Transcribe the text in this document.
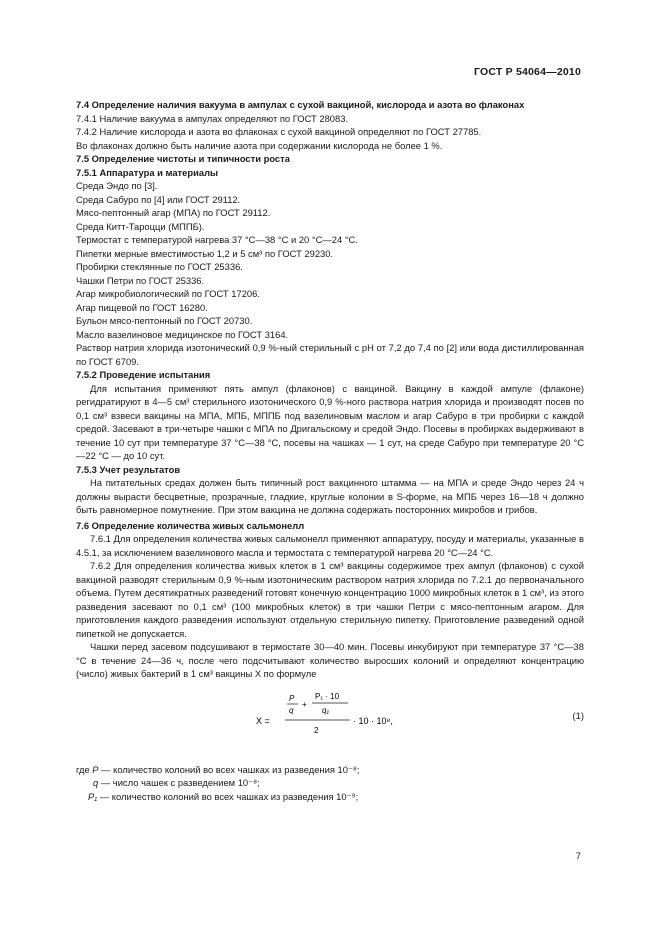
ГОСТ Р 54064—2010

7.4 Определение наличия вакуума в ампулах с сухой вакциной, кислорода и азота во флаконах

7.4.1 Наличие вакуума в ампулах определяют по ГОСТ 28083.

7.4.2 Наличие кислорода и азота во флаконах с сухой вакциной определяют по ГОСТ 27785.

Во флаконах должно быть наличие азота при содержании кислорода не более 1 %.

7.5 Определение чистоты и типичности роста

7.5.1 Аппаратура и материалы

Среда Эндо по [3].

Среда Сабуро по [4] или ГОСТ 29112.

Мясо-пептонный агар (МПА) по ГОСТ 29112.

Среда Китт-Тароцци (МППБ).

Термостат с температурой нагрева 37 °С—38 °С и 20 °С—24 °С.

Пипетки мерные вместимостью 1,2 и 5 см³ по ГОСТ 29230.

Пробирки стеклянные по ГОСТ 25336.

Чашки Петри по ГОСТ 25336.

Агар микробиологический по ГОСТ 17206.

Агар пищевой по ГОСТ 16280.

Бульон мясо-пептонный по ГОСТ 20730.

Масло вазелиновое медицинское по ГОСТ 3164.

Раствор натрия хлорида изотонический 0,9 %-ный стерильный с рН от 7,2 до 7,4 по [2] или вода дистиллированная по ГОСТ 6709.

7.5.2 Проведение испытания

Для испытания применяют пять ампул (флаконов) с вакциной. Вакцину в каждой ампуле (флаконе) регидратируют в 4—5 см³ стерильного изотонического 0,9 %-ного раствора натрия хлорида и производят посев по 0,1 см³ взвеси вакцины на МПА, МПБ, МППБ под вазелиновым маслом и агар Сабуро в три пробирки с каждой средой. Засевают в три-четыре чашки с МПА по Дригальскому и средой Эндо. Посевы в пробирках выдерживают в течение 10 сут при температуре 37 °С—38 °С, посевы на чашках — 1 сут, на среде Сабуро при температуре 20 °С—22 °С — до 10 сут.

7.5.3 Учет результатов

На питательных средах должен быть типичный рост вакцинного штамма — на МПА и среде Эндо через 24 ч должны вырасти бесцветные, прозрачные, гладкие, круглые колонии в S-форме, на МПБ через 16—18 ч должно быть равномерное помутнение. При этом вакцина не должна содержать посторонних микробов и грибов.

7.6 Определение количества живых сальмонелл

7.6.1 Для определения количества живых сальмонелл применяют аппаратуру, посуду и материалы, указанные в 4.5.1, за исключением вазелинового масла и термостата с температурой нагрева 20 °С—24 °С.

7.6.2 Для определения количества живых клеток в 1 см³ вакцины содержимое трех ампул (флаконов) с сухой вакциной разводят стерильным 0,9 %-ным изотоническим раствором натрия хлорида по 7.2.1 до первоначального объема. Путем десятикратных разведений готовят конечную концентрацию 1000 микробных клеток в 1 см³, из этого разведения засевают по 0,1 см³ (100 микробных клеток) в три чашки Петри с мясо-пептонным агаром. Для приготовления каждого разведения используют отдельную стерильную пипетку. Приготовление разведений одной пипеткой не допускается.

Чашки перед засевом подсушивают в термостате 30—40 мин. Посевы инкубируют при температуре 37 °С—38 °С в течение 24—36 ч, после чего подсчитывают количество выросших колоний и определяют концентрацию (число) живых бактерий в 1 см³ вакцины X по формуле

X =
P
q
+
P₁ · 10
q₁
2
· 10 · 10⁸,	(1)
где P — количество колоний во всех чашках из разведения 10⁻⁸;
q — число чашек с разведением 10⁻⁸;
P₁ — количество колоний во всех чашках из разведения 10⁻⁹;
7
